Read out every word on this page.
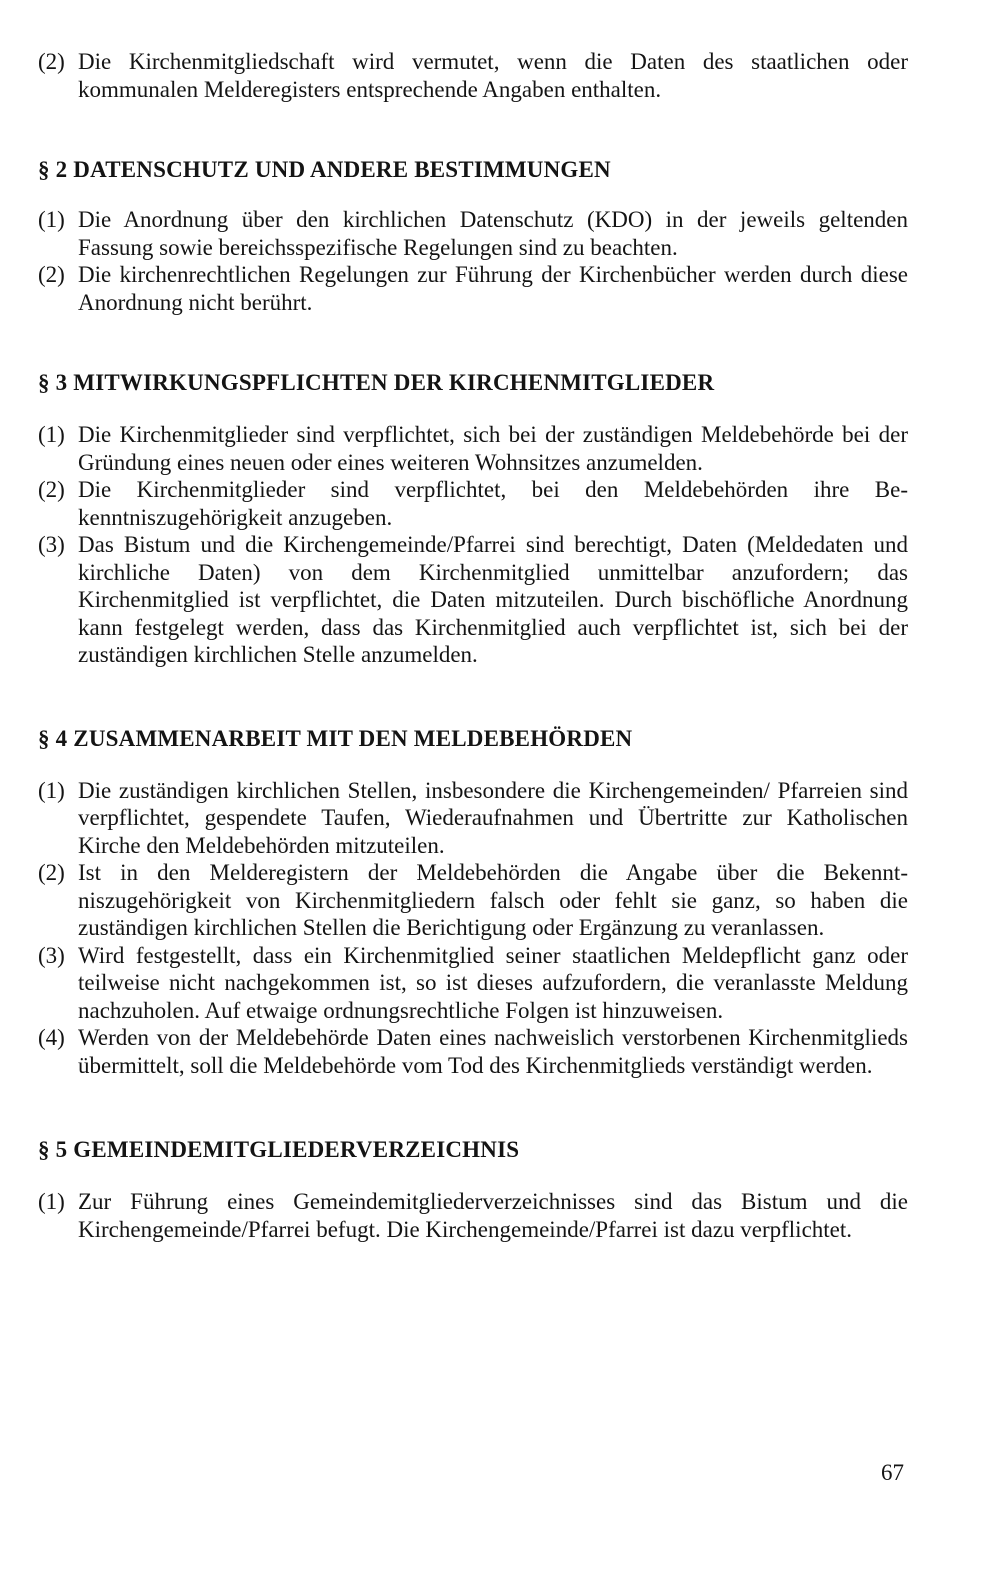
(2) Die Kirchenmitgliedschaft wird vermutet, wenn die Daten des staatlichen oder kommunalen Melderegisters entsprechende Angaben enthalten.
§ 2 DATENSCHUTZ UND ANDERE BESTIMMUNGEN
(1) Die Anordnung über den kirchlichen Datenschutz (KDO) in der jeweils geltenden Fassung sowie bereichsspezifische Regelungen sind zu beachten.
(2) Die kirchenrechtlichen Regelungen zur Führung der Kirchenbücher werden durch diese Anordnung nicht berührt.
§ 3 MITWIRKUNGSPFLICHTEN DER KIRCHENMITGLIEDER
(1) Die Kirchenmitglieder sind verpflichtet, sich bei der zuständigen Meldebehörde bei der Gründung eines neuen oder eines weiteren Wohnsitzes anzumelden.
(2) Die Kirchenmitglieder sind verpflichtet, bei den Meldebehörden ihre Bekenntniszugehörigkeit anzugeben.
(3) Das Bistum und die Kirchengemeinde/Pfarrei sind berechtigt, Daten (Meldedaten und kirchliche Daten) von dem Kirchenmitglied unmittelbar anzufordern; das Kirchenmitglied ist verpflichtet, die Daten mitzuteilen. Durch bischöfliche Anordnung kann festgelegt werden, dass das Kirchenmitglied auch verpflichtet ist, sich bei der zuständigen kirchlichen Stelle anzumelden.
§ 4 ZUSAMMENARBEIT MIT DEN MELDEBEHÖRDEN
(1) Die zuständigen kirchlichen Stellen, insbesondere die Kirchengemeinden/ Pfarreien sind verpflichtet, gespendete Taufen, Wiederaufnahmen und Übertritte zur Katholischen Kirche den Meldebehörden mitzuteilen.
(2) Ist in den Melderegistern der Meldebehörden die Angabe über die Bekenntniszugehörigkeit von Kirchenmitgliedern falsch oder fehlt sie ganz, so haben die zuständigen kirchlichen Stellen die Berichtigung oder Ergänzung zu veranlassen.
(3) Wird festgestellt, dass ein Kirchenmitglied seiner staatlichen Meldepflicht ganz oder teilweise nicht nachgekommen ist, so ist dieses aufzufordern, die veranlasste Meldung nachzuholen. Auf etwaige ordnungsrechtliche Folgen ist hinzuweisen.
(4) Werden von der Meldebehörde Daten eines nachweislich verstorbenen Kirchenmitglieds übermittelt, soll die Meldebehörde vom Tod des Kirchenmitglieds verständigt werden.
§ 5 GEMEINDEMITGLIEDERVERZEICHNIS
(1) Zur Führung eines Gemeindemitgliederverzeichnisses sind das Bistum und die Kirchengemeinde/Pfarrei befugt. Die Kirchengemeinde/Pfarrei ist dazu verpflichtet.
67
